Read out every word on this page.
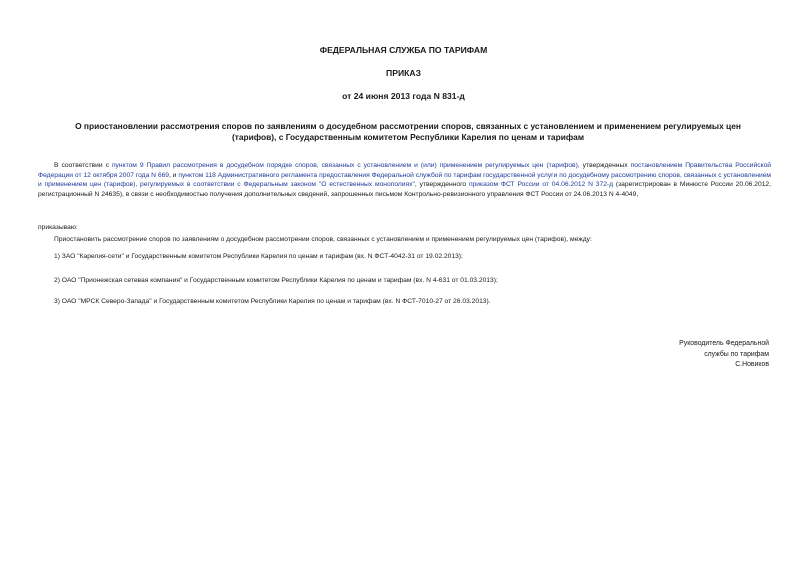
ФЕДЕРАЛЬНАЯ СЛУЖБА ПО ТАРИФАМ
ПРИКАЗ
от 24 июня 2013 года N 831-д
О приостановлении рассмотрения споров по заявлениям о досудебном рассмотрении споров, связанных с установлением и применением регулируемых цен (тарифов), с Государственным комитетом Республики Карелия по ценам и тарифам
В соответствии с пунктом 9 Правил рассмотрения в досудебном порядке споров, связанных с установлением и (или) применением регулируемых цен (тарифов), утвержденных постановлением Правительства Российской Федерации от 12 октября 2007 года N 669, и пунктом 118 Административного регламента предоставления Федеральной службой по тарифам государственной услуги по досудебному рассмотрению споров, связанных с установлением и применением цен (тарифов), регулируемых в соответствии с Федеральным законом "О естественных монополиях", утвержденного приказом ФСТ России от 04.06.2012 N 372-д (зарегистрирован в Минюсте России 20.06.2012, регистрационный N 24635), в связи с необходимостью получения дополнительных сведений, запрошенных письмом Контрольно-ревизионного управления ФСТ России от 24.06.2013 N 4-4049,
приказываю:
Приостановить рассмотрение споров по заявлениям о досудебном рассмотрении споров, связанных с установлением и применением регулируемых цен (тарифов), между:
1) ЗАО "Карелия-сети" и Государственным комитетом Республики Карелия по ценам и тарифам (вх. N ФСТ-4042-31 от 19.02.2013);
2) ОАО "Прионежская сетевая компания" и Государственным комитетом Республики Карелия по ценам и тарифам (вх. N 4-631 от 01.03.2013);
3) ОАО "МРСК Северо-Запада" и Государственным комитетом Республики Карелия по ценам и тарифам (вх. N ФСТ-7010-27 от 26.03.2013).
Руководитель Федеральной
службы по тарифам
С.Новиков
